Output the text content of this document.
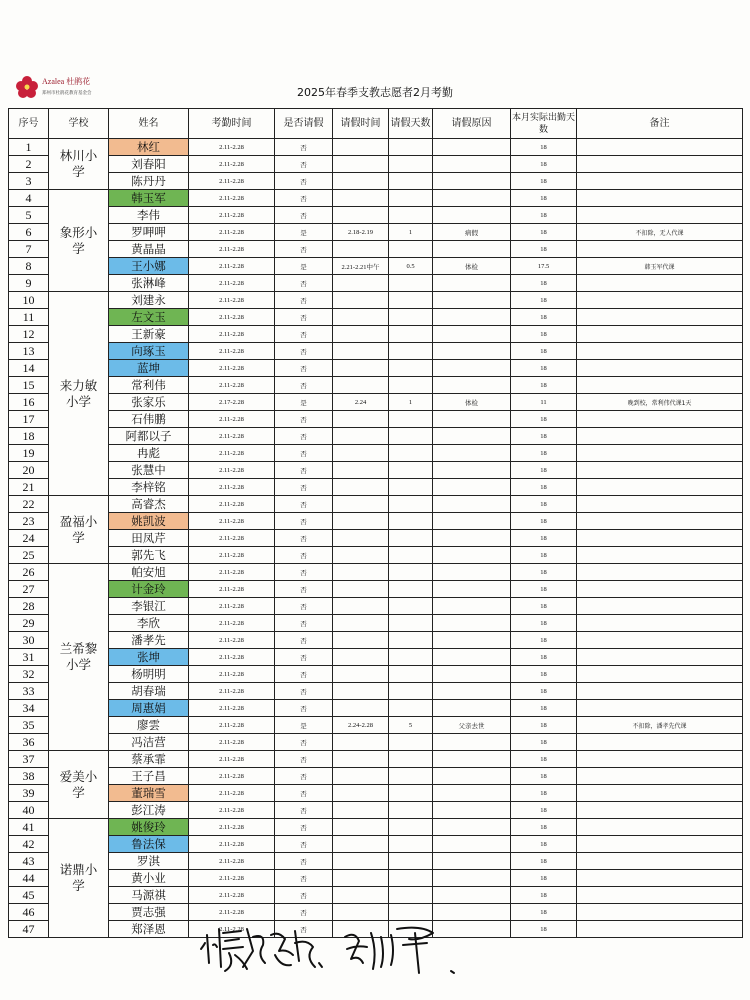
Azalea 杜鹃花
郑州市杜鹃花教育基金会	2025年春季支教志愿者2月考勤
序号	学校	姓名	考勤时间	是否请假	请假时间	请假天数	请假原因	本月实际出勤天数	备注
1	林川小学	林红	2.11-2.28	否				18	
2		刘春阳	2.11-2.28	否				18	
3		陈丹丹	2.11-2.28	否				18	
4	象形小学	韩玉军	2.11-2.28	否				18	
5		李伟	2.11-2.28	否				18	
6		罗呷呷	2.11-2.28	是	2.18-2.19	1	病假	18	不扣除，无人代课
7		黄晶晶	2.11-2.28	否				18	
8		王小娜	2.11-2.28	是	2.21-2.21中午	0.5	体检	17.5	韩玉军代课
9		张淋峰	2.11-2.28	否				18	
10	来力敏小学	刘建永	2.11-2.28	否				18	
11		左文玉	2.11-2.28	否				18	
12		王新豪	2.11-2.28	否				18	
13		向琢玉	2.11-2.28	否				18	
14		蓝坤	2.11-2.28	否				18	
15		常利伟	2.11-2.28	否				18	
16		张家乐	2.17-2.28	是	2.24	1	体检	11	晚到校，常利伟代课1天
17		石伟鹏	2.11-2.28	否				18	
18		阿都以子	2.11-2.28	否				18	
19		冉彪	2.11-2.28	否				18	
20		张慧中	2.11-2.28	否				18	
21		李梓铭	2.11-2.28	否				18	
22	盈福小学	高睿杰	2.11-2.28	否				18	
23		姚凯波	2.11-2.28	否				18	
24		田凤芹	2.11-2.28	否				18	
25		郭先飞	2.11-2.28	否				18	
26	兰希黎小学	帕安旭	2.11-2.28	否				18	
27		计金玲	2.11-2.28	否				18	
28		李银江	2.11-2.28	否				18	
29		李欣	2.11-2.28	否				18	
30		潘孝先	2.11-2.28	否				18	
31		张坤	2.11-2.28	否				18	
32		杨明明	2.11-2.28	否				18	
33		胡春瑞	2.11-2.28	否				18	
34		周惠娟	2.11-2.28	否				18	
35		廖雲	2.11-2.28	是	2.24-2.28	5	父亲去世	18	不扣除，潘孝先代课
36		冯洁营	2.11-2.28	否				18	
37	爱美小学	蔡承霏	2.11-2.28	否				18	
38		王子昌	2.11-2.28	否				18	
39		董瑞雪	2.11-2.28	否				18	
40		彭江涛	2.11-2.28	否				18	
41	诺鼎小学	姚俊玲	2.11-2.28	否				18	
42		鲁法保	2.11-2.28	否				18	
43		罗淇	2.11-2.28	否				18	
44		黄小业	2.11-2.28	否				18	
45		马源祺	2.11-2.28	否				18	
46		贾志强	2.11-2.28	否				18	
47		郑泽恩	2.11-2.28	否				18	
